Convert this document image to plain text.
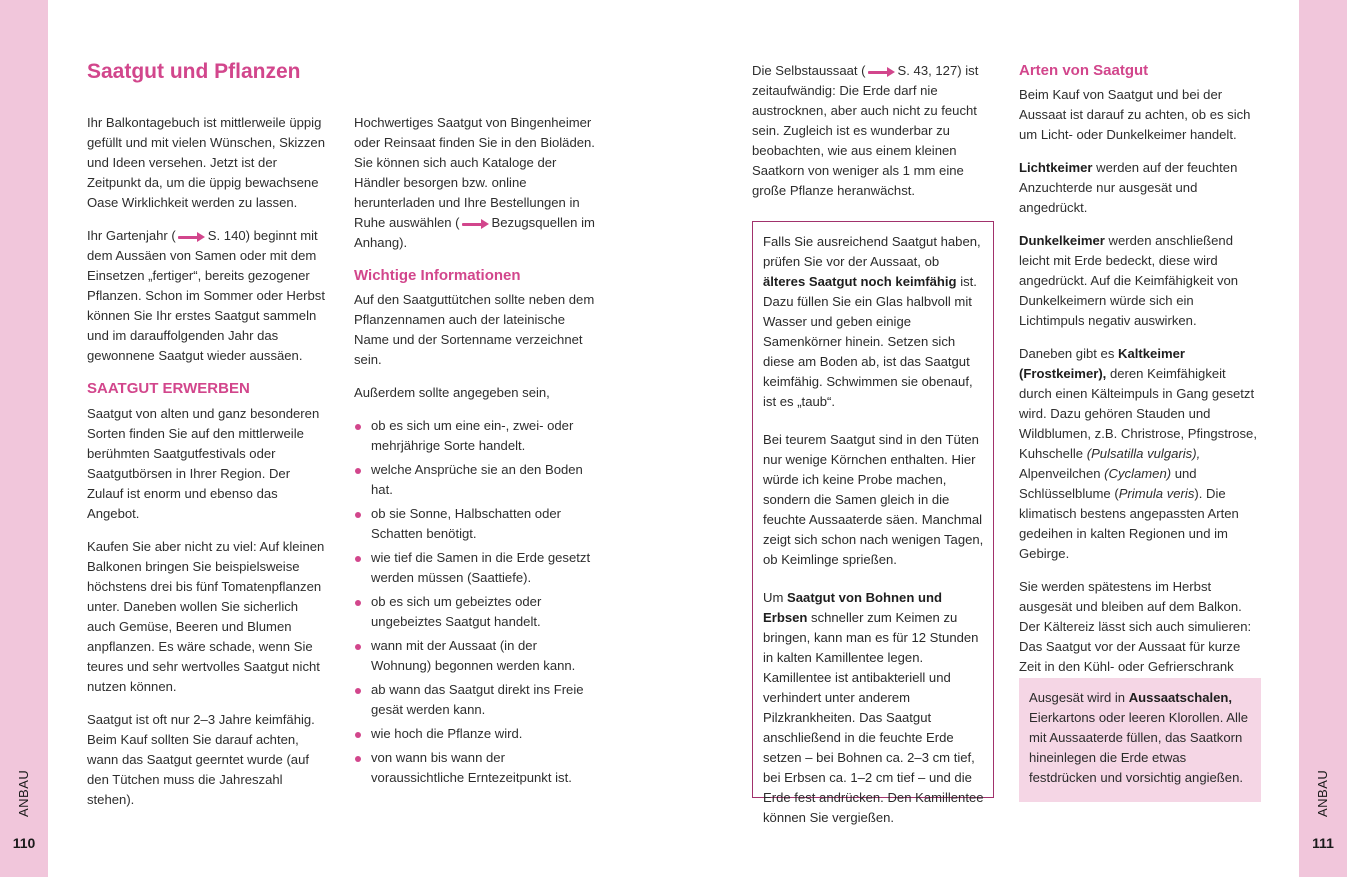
ANBAU	ANBAU
110	111
Saatgut und Pflanzen

Ihr Balkontagebuch ist mittlerweile üppig gefüllt und mit vielen Wünschen, Skizzen und Ideen versehen. Jetzt ist der Zeitpunkt da, um die üppig bewachsene Oase Wirklichkeit werden zu lassen.

Ihr Gartenjahr ( S. 140) beginnt mit dem Aussäen von Samen oder mit dem Einsetzen „fertiger“, bereits gezogener Pflanzen. Schon im Sommer oder Herbst können Sie Ihr erstes Saatgut sammeln und im darauffolgenden Jahr das gewonnene Saatgut wieder aussäen.

SAATGUT ERWERBEN

Saatgut von alten und ganz besonderen Sorten finden Sie auf den mittlerweile berühmten Saatgutfestivals oder Saatgutbörsen in Ihrer Region. Der Zulauf ist enorm und ebenso das Angebot.

Kaufen Sie aber nicht zu viel: Auf kleinen Balkonen bringen Sie beispielsweise höchstens drei bis fünf Tomatenpflanzen unter. Daneben wollen Sie sicherlich auch Gemüse, Beeren und Blumen anpflanzen. Es wäre schade, wenn Sie teures und sehr wertvolles Saatgut nicht nutzen können.

Saatgut ist oft nur 2–3 Jahre keimfähig. Beim Kauf sollten Sie darauf achten, wann das Saatgut geerntet wurde (auf den Tütchen muss die Jahreszahl stehen).

Hochwertiges Saatgut von Bingenheimer oder Reinsaat finden Sie in den Bioläden. Sie können sich auch Kataloge der Händler besorgen bzw. online herunterladen und Ihre Bestellungen in Ruhe auswählen ( Bezugsquellen im Anhang).

Wichtige Informationen

Auf den Saatguttütchen sollte neben dem Pflanzennamen auch der lateinische Name und der Sortenname verzeichnet sein.

Außerdem sollte angegeben sein,

ob es sich um eine ein-, zwei- oder mehrjährige Sorte handelt.
welche Ansprüche sie an den Boden hat.
ob sie Sonne, Halbschatten oder Schatten benötigt.
wie tief die Samen in die Erde gesetzt werden müssen (Saattiefe).
ob es sich um gebeiztes oder ungebeiztes Saatgut handelt.
wann mit der Aussaat (in der Wohnung) begonnen werden kann.
ab wann das Saatgut direkt ins Freie gesät werden kann.
wie hoch die Pflanze wird.
von wann bis wann der voraussichtliche Erntezeitpunkt ist.

Die Selbstaussaat ( S. 43, 127) ist zeitaufwändig: Die Erde darf nie austrocknen, aber auch nicht zu feucht sein. Zugleich ist es wunderbar zu beobachten, wie aus einem kleinen Saatkorn von weniger als 1 mm eine große Pflanze heranwächst.

Falls Sie ausreichend Saatgut haben, prüfen Sie vor der Aussaat, ob älteres Saatgut noch keimfähig ist. Dazu füllen Sie ein Glas halbvoll mit Wasser und geben einige Samenkörner hinein. Setzen sich diese am Boden ab, ist das Saatgut keimfähig. Schwimmen sie obenauf, ist es „taub“.

Bei teurem Saatgut sind in den Tüten nur wenige Körnchen enthalten. Hier würde ich keine Probe machen, sondern die Samen gleich in die feuchte Aussaaterde säen. Manchmal zeigt sich schon nach wenigen Tagen, ob Keimlinge sprießen.

Um Saatgut von Bohnen und Erbsen schneller zum Keimen zu bringen, kann man es für 12 Stunden in kalten Kamillentee legen. Kamillentee ist antibakteriell und verhindert unter anderem Pilzkrankheiten. Das Saatgut anschließend in die feuchte Erde setzen – bei Bohnen ca. 2–3 cm tief, bei Erbsen ca. 1–2 cm tief – und die Erde fest andrücken. Den Kamillentee können Sie vergießen.

Arten von Saatgut

Beim Kauf von Saatgut und bei der Aussaat ist darauf zu achten, ob es sich um Licht- oder Dunkelkeimer handelt.

Lichtkeimer werden auf der feuchten Anzuchterde nur ausgesät und angedrückt.

Dunkelkeimer werden anschließend leicht mit Erde bedeckt, diese wird angedrückt. Auf die Keimfähigkeit von Dunkelkeimern würde sich ein Lichtimpuls negativ auswirken.

Daneben gibt es Kaltkeimer (Frostkeimer), deren Keimfähigkeit durch einen Kälteimpuls in Gang gesetzt wird. Dazu gehören Stauden und Wildblumen, z.B. Christrose, Pfingstrose, Kuhschelle (Pulsatilla vulgaris), Alpenveilchen (Cyclamen) und Schlüsselblume (Primula veris). Die klimatisch bestens angepassten Arten gedeihen in kalten Regionen und im Gebirge.

Sie werden spätestens im Herbst ausgesät und bleiben auf dem Balkon. Der Kältereiz lässt sich auch simulieren: Das Saatgut vor der Aussaat für kurze Zeit in den Kühl- oder Gefrierschrank

Ausgesät wird in Aussaatschalen, Eierkartons oder leeren Klorollen. Alle mit Aussaaterde füllen, das Saatkorn hineinlegen die Erde etwas festdrücken und vorsichtig angießen.
